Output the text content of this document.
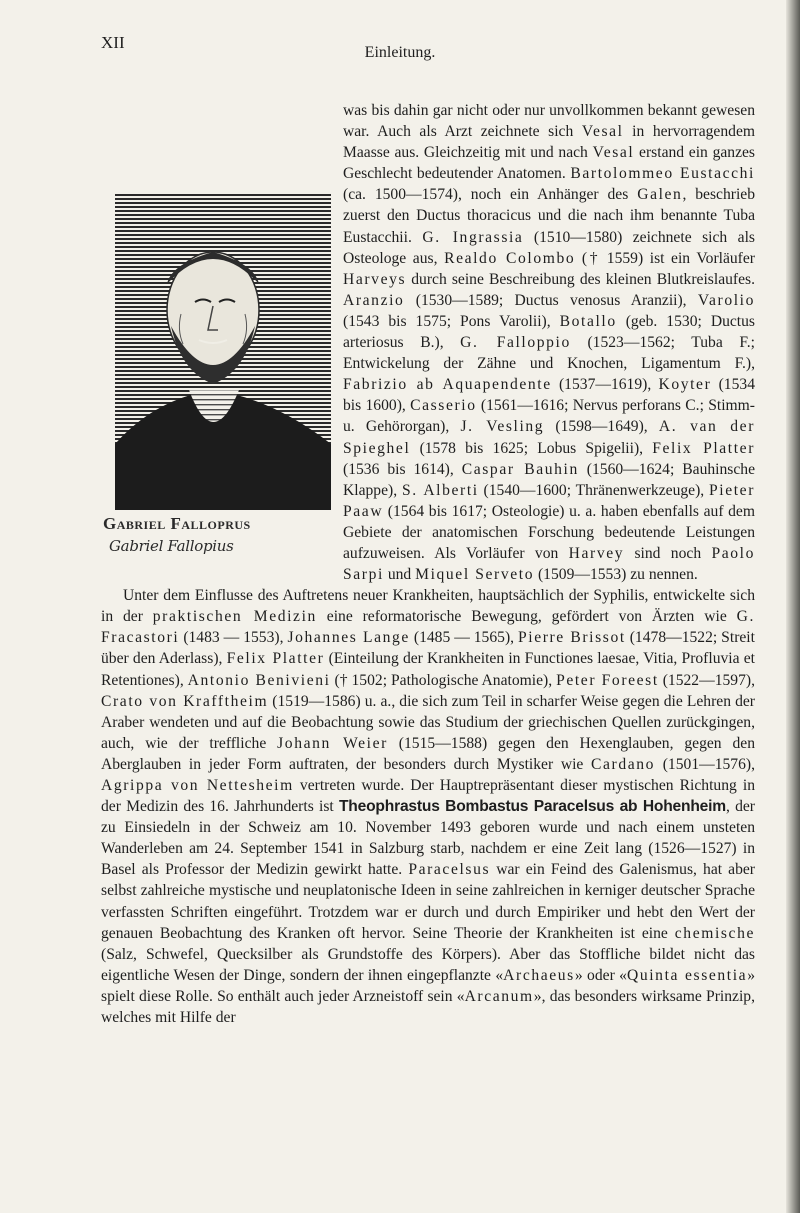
XII
Einleitung.
Gabriel Falloprus
Gabriel Fallopius

was bis dahin gar nicht oder nur unvollkommen bekannt gewesen war. Auch als Arzt zeichnete sich Vesal in hervorragendem Maasse aus. Gleichzeitig mit und nach Vesal erstand ein ganzes Geschlecht bedeutender Anatomen. Bartolommeo Eustacchi (ca. 1500—1574), noch ein Anhänger des Galen, beschrieb zuerst den Ductus thoracicus und die nach ihm benannte Tuba Eustacchii. G. Ingrassia (1510—1580) zeichnete sich als Osteologe aus, Realdo Colombo († 1559) ist ein Vorläufer Harveys durch seine Beschreibung des kleinen Blutkreislaufes. Aranzio (1530—1589; Ductus venosus Aranzii), Varolio (1543 bis 1575; Pons Varolii), Botallo (geb. 1530; Ductus arteriosus B.), G. Falloppio (1523—1562; Tuba F.; Entwickelung der Zähne und Knochen, Ligamentum F.), Fabrizio ab Aquapendente (1537—1619), Koyter (1534 bis 1600), Casserio (1561—1616; Nervus perforans C.; Stimm- u. Gehörorgan), J. Vesling (1598—1649), A. van der Spieghel (1578 bis 1625; Lobus Spigelii), Felix Platter (1536 bis 1614), Caspar Bauhin (1560—1624; Bauhinsche Klappe), S. Alberti (1540—1600; Thränenwerkzeuge), Pieter Paaw (1564 bis 1617; Osteologie) u. a. haben ebenfalls auf dem Gebiete der anatomischen Forschung bedeutende Leistungen aufzuweisen. Als Vorläufer von Harvey sind noch Paolo Sarpi und Miquel Serveto (1509—1553) zu nennen.

Unter dem Einflusse des Auftretens neuer Krankheiten, hauptsächlich der Syphilis, entwickelte sich in der praktischen Medizin eine reformatorische Bewegung, gefördert von Ärzten wie G. Fracastori (1483 — 1553), Johannes Lange (1485 — 1565), Pierre Brissot (1478—1522; Streit über den Aderlass), Felix Platter (Einteilung der Krankheiten in Functiones laesae, Vitia, Profluvia et Retentiones), Antonio Benivieni († 1502; Pathologische Anatomie), Peter Foreest (1522—1597), Crato von Krafftheim (1519—1586) u. a., die sich zum Teil in scharfer Weise gegen die Lehren der Araber wendeten und auf die Beobachtung sowie das Studium der griechischen Quellen zurückgingen, auch, wie der treffliche Johann Weier (1515—1588) gegen den Hexenglauben, gegen den Aberglauben in jeder Form auftraten, der besonders durch Mystiker wie Cardano (1501—1576), Agrippa von Nettesheim vertreten wurde. Der Hauptrepräsentant dieser mystischen Richtung in der Medizin des 16. Jahrhunderts ist Theophrastus Bombastus Paracelsus ab Hohenheim, der zu Einsiedeln in der Schweiz am 10. November 1493 geboren wurde und nach einem unsteten Wanderleben am 24. September 1541 in Salzburg starb, nachdem er eine Zeit lang (1526—1527) in Basel als Professor der Medizin gewirkt hatte. Paracelsus war ein Feind des Galenismus, hat aber selbst zahlreiche mystische und neuplatonische Ideen in seine zahlreichen in kerniger deutscher Sprache verfassten Schriften eingeführt. Trotzdem war er durch und durch Empiriker und hebt den Wert der genauen Beobachtung des Kranken oft hervor. Seine Theorie der Krankheiten ist eine chemische (Salz, Schwefel, Quecksilber als Grundstoffe des Körpers). Aber das Stoffliche bildet nicht das eigentliche Wesen der Dinge, sondern der ihnen eingepflanzte «Archaeus» oder «Quinta essentia» spielt diese Rolle. So enthält auch jeder Arzneistoff sein «Arcanum», das besonders wirksame Prinzip, welches mit Hilfe der
